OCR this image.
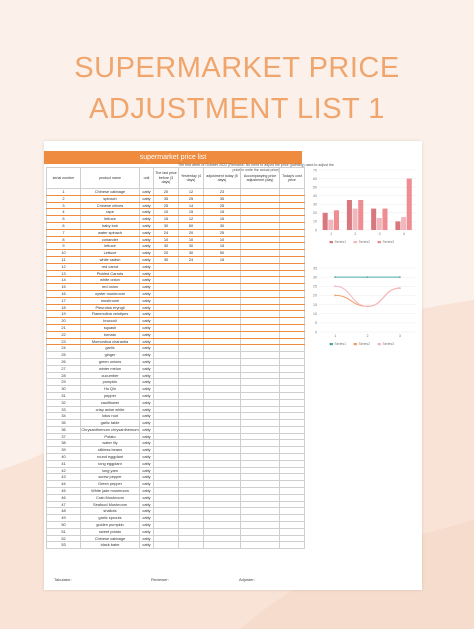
SUPERMARKET PRICE
ADJUSTMENT LIST 1
supermarket price list
The first week of October 2022 (Remarks: No need to adjust the price (painting) used to adjust the price to write the actual price)
serial number	product name	unit	The last price before (3 days)	Yesterday (4 days)	adjustment today (5 days)	Accompanying price adjustment (day)	Today's cost price
1	Chinese cabbage	catty	20	12	23		
2	spinach	catty	35	25	35		
3	Chinese chives	catty	25	14	25		
4	rape	catty	10	15	15		
5	lettuce	catty	15	12	15		
6	baby bok	catty	30	60	30		
7	water spinach	catty	24	20	25		
8	coriander	catty	10	10	10		
9	lettuce	catty	30	30	15		
10	Lettuce	catty	20	30	50		
11	white radish	catty	30	24	15		
12	red carrot	catty					
13	Pickled Carrots	catty					
14	white onion	catty					
15	red onion	catty					
16	oyster mushroom	catty					
17	mushroom	catty					
18	Pleurotus eryngii	catty					
19	Flammulina velutipes	catty					
20	broccoli	catty					
21	squash	catty					
22	tomato	catty					
23	Momordica charantia	catty					
24	garlic	catty					
25	ginger	catty					
26	green onions	catty					
27	winter melon	catty					
28	cucumber	catty					
29	pumpkin	catty					
30	Hu Qin	catty					
31	pepper	catty					
32	cauliflower	catty					
33	crisp anise white	catty					
34	lotus root	catty					
35	garlic table	catty					
36	Chrysanthemum chrysanthemum	catty					
37	Potato	catty					
38	water lily	catty					
39	silkless beans	catty					
40	round eggplant	catty					
41	long eggplant	catty					
42	long yam	catty					
43	screw pepper	catty					
44	Green pepper	catty					
45	White jade mushroom	catty					
46	Crab Mushroom	catty					
47	Seafood Mushroom	catty					
48	shallots	catty					
49	garlic sprouts	catty					
50	golden pumpkin	catty					
51	sweet potato	catty					
52	Chinese cabbage	catty					
53	black babe	catty					
Tabulator:	Reviewer:	Adjuster:
0
10
20
30
40
50
60
70
1	2	3	4
Series1	Series2	Series3
0
5
10
15
20
25
30
35
1	2	3
Series1	Series2	Series3
